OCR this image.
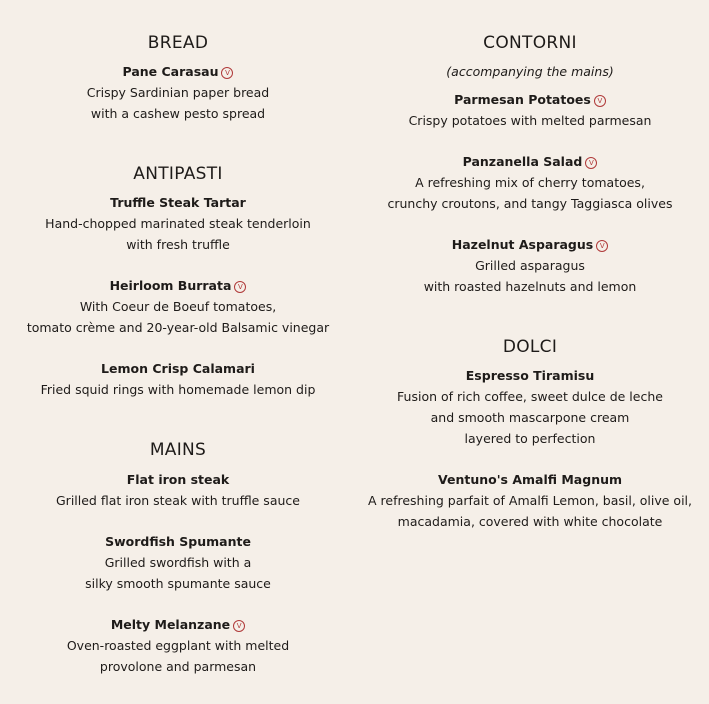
BREAD
Pane Carasau V
Crispy Sardinian paper bread
with a cashew pesto spread
ANTIPASTI
Truffle Steak Tartar
Hand-chopped marinated steak tenderloin
with fresh truffle
Heirloom Burrata V
With Coeur de Boeuf tomatoes,
tomato crème and 20-year-old Balsamic vinegar
Lemon Crisp Calamari
Fried squid rings with homemade lemon dip
MAINS
Flat iron steak
Grilled flat iron steak with truffle sauce
Swordfish Spumante
Grilled swordfish with a
silky smooth spumante sauce
Melty Melanzane V
Oven-roasted eggplant with melted
provolone and parmesan
CONTORNI
(accompanying the mains)
Parmesan Potatoes V
Crispy potatoes with melted parmesan
Panzanella Salad V
A refreshing mix of cherry tomatoes,
crunchy croutons, and tangy Taggiasca olives
Hazelnut Asparagus V
Grilled asparagus
with roasted hazelnuts and lemon
DOLCI
Espresso Tiramisu
Fusion of rich coffee, sweet dulce de leche
and smooth mascarpone cream
layered to perfection
Ventuno's Amalfi Magnum
A refreshing parfait of Amalfi Lemon, basil, olive oil,
macadamia, covered with white chocolate
